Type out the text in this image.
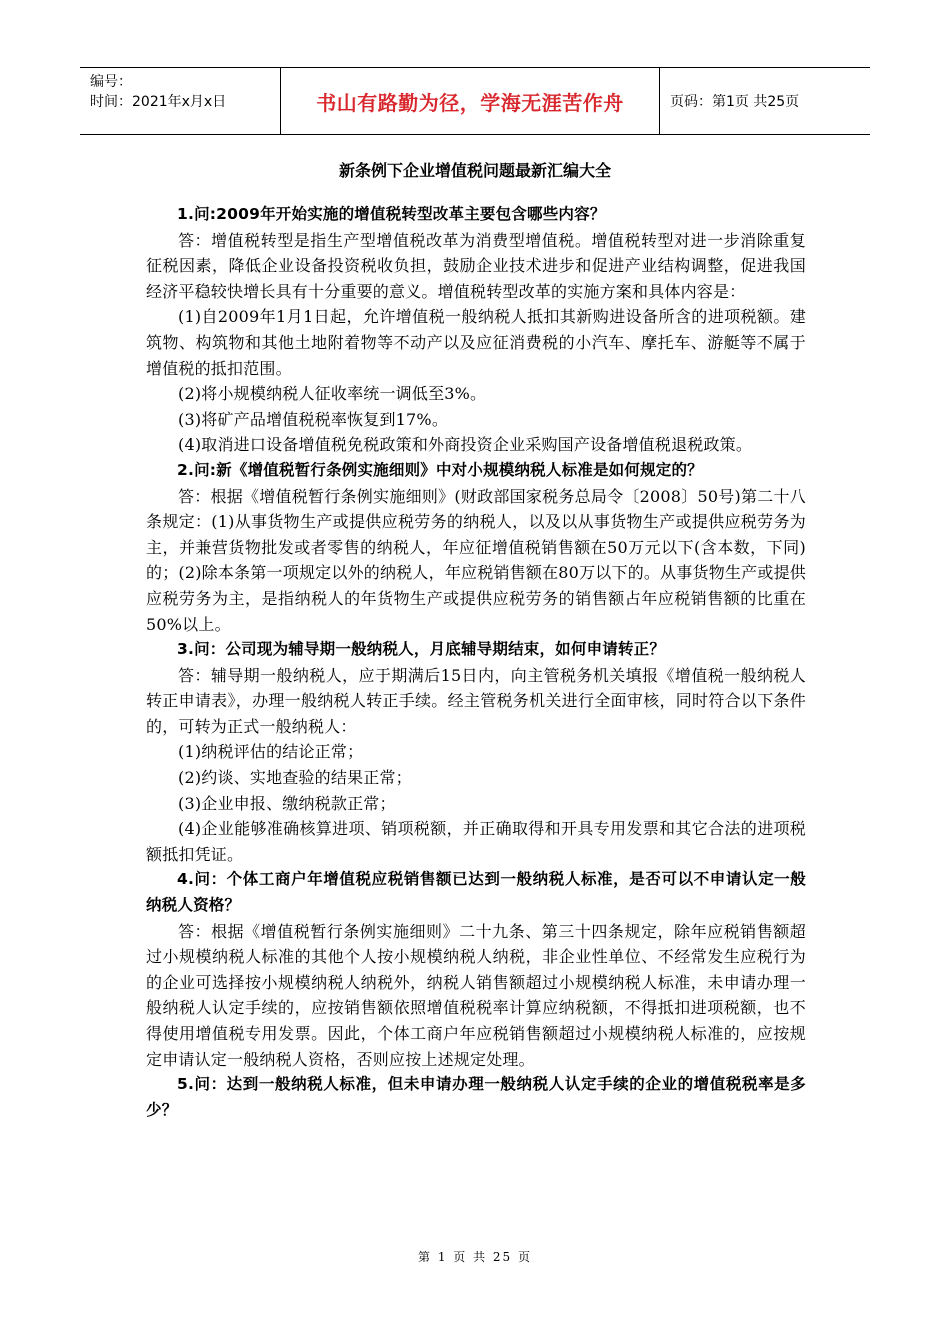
编号：
时间：2021年x月x日	书山有路勤为径，学海无涯苦作舟	页码：第1页 共25页
新条例下企业增值税问题最新汇编大全

1.问:2009年开始实施的增值税转型改革主要包含哪些内容？

答：增值税转型是指生产型增值税改革为消费型增值税。增值税转型对进一步消除重复征税因素，降低企业设备投资税收负担，鼓励企业技术进步和促进产业结构调整，促进我国经济平稳较快增长具有十分重要的意义。增值税转型改革的实施方案和具体内容是：

(1)自2009年1月1日起，允许增值税一般纳税人抵扣其新购进设备所含的进项税额。建筑物、构筑物和其他土地附着物等不动产以及应征消费税的小汽车、摩托车、游艇等不属于增值税的抵扣范围。

(2)将小规模纳税人征收率统一调低至3%。

(3)将矿产品增值税税率恢复到17%。

(4)取消进口设备增值税免税政策和外商投资企业采购国产设备增值税退税政策。

2.问:新《增值税暂行条例实施细则》中对小规模纳税人标准是如何规定的？

答：根据《增值税暂行条例实施细则》(财政部国家税务总局令〔2008〕50号)第二十八条规定：(1)从事货物生产或提供应税劳务的纳税人，以及以从事货物生产或提供应税劳务为主，并兼营货物批发或者零售的纳税人，年应征增值税销售额在50万元以下(含本数，下同)的；(2)除本条第一项规定以外的纳税人，年应税销售额在80万以下的。从事货物生产或提供应税劳务为主，是指纳税人的年货物生产或提供应税劳务的销售额占年应税销售额的比重在50%以上。

3.问：公司现为辅导期一般纳税人，月底辅导期结束，如何申请转正？

答：辅导期一般纳税人，应于期满后15日内，向主管税务机关填报《增值税一般纳税人转正申请表》，办理一般纳税人转正手续。经主管税务机关进行全面审核，同时符合以下条件的，可转为正式一般纳税人：

(1)纳税评估的结论正常；

(2)约谈、实地查验的结果正常；

(3)企业申报、缴纳税款正常；

(4)企业能够准确核算进项、销项税额，并正确取得和开具专用发票和其它合法的进项税额抵扣凭证。

4.问：个体工商户年增值税应税销售额已达到一般纳税人标准，是否可以不申请认定一般纳税人资格？

答：根据《增值税暂行条例实施细则》二十九条、第三十四条规定，除年应税销售额超过小规模纳税人标准的其他个人按小规模纳税人纳税，非企业性单位、不经常发生应税行为的企业可选择按小规模纳税人纳税外，纳税人销售额超过小规模纳税人标准，未申请办理一般纳税人认定手续的，应按销售额依照增值税税率计算应纳税额，不得抵扣进项税额，也不得使用增值税专用发票。因此，个体工商户年应税销售额超过小规模纳税人标准的，应按规定申请认定一般纳税人资格，否则应按上述规定处理。

5.问：达到一般纳税人标准，但未申请办理一般纳税人认定手续的企业的增值税税率是多少？

第 1 页 共 25 页
